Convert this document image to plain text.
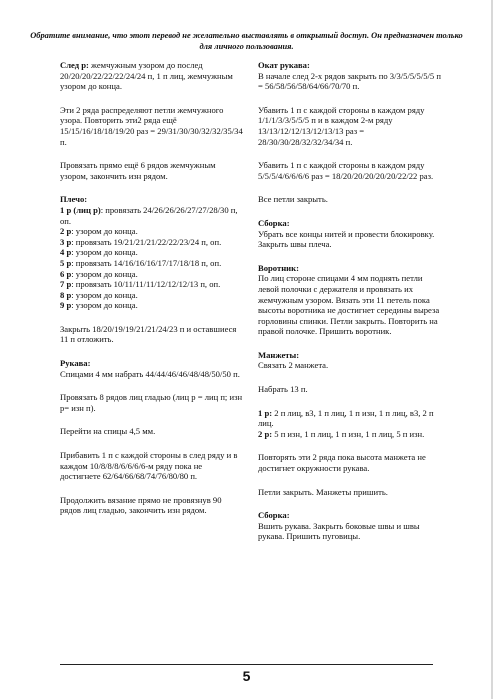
Обратите внимание, что этот перевод не желательно выставлять в открытый доступ. Он предназначен только для личного пользования.
След р: жемчужным узором до послед 20/20/20/22/22/22/24/24 п, 1 п лиц, жемчужным узором до конца.
Эти 2 ряда распределяют петли жемчужного узора. Повторить эти2 ряда ещё 15/15/16/18/18/19/20 раз = 29/31/30/30/32/32/35/34 п.
Провязать прямо ещё 6 рядов жемчужным узором, закончить изн рядом.
Плечо:
1 р (лиц р): провязать 24/26/26/26/27/27/28/30 п, оп.
2 р: узором до конца.
3 р: провязать 19/21/21/21/22/22/23/24 п, оп.
4 р: узором до конца.
5 р: провязать 14/16/16/16/17/17/18/18 п, оп.
6 р: узором до конца.
7 р: провязать 10/11/11/11/12/12/12/13 п, оп.
8 р: узором до конца.
9 р: узором до конца.
Закрыть 18/20/19/19/21/21/24/23 п и оставшиеся 11 п отложить.
Рукава:
Спицами 4 мм набрать 44/44/46/46/48/48/50/50 п.
Провязать 8 рядов лиц гладью (лиц р = лиц п; изн р= изн п).
Перейти на спицы 4,5 мм.
Прибавить 1 п с каждой стороны в след ряду и в каждом 10/8/8/8/6/6/6/6-м ряду пока не достигнете 62/64/66/68/74/76/80/80 п.
Продолжить вязание прямо не провязнув 90 рядов лиц гладью, закончить изн рядом.
Окат рукава:
В начале след 2-х рядов закрыть по 3/3/5/5/5/5/5 п = 56/58/56/58/64/66/70/70 п.
Убавить 1 п с каждой стороны в каждом ряду 1/1/1/3/3/5/5/5 п и в каждом 2-м ряду 13/13/12/12/13/12/13/13 раз = 28/30/30/28/32/32/34/34 п.
Убавить 1 п с каждой стороны в каждом ряду 5/5/5/4/6/6/6/6 раз = 18/20/20/20/20/20/22/22 раз.
Все петли закрыть.
Сборка:
Убрать все концы нитей и провести блокировку. Закрыть швы плеча.
Воротник:
По лиц стороне спицами 4 мм поднять петли левой полочки с держателя и провязать их жемчужным узором. Вязать эти 11 петель пока высоты воротника не достигнет середины выреза горловины спинки. Петли закрыть. Повторить на правой полочке. Пришить воротник.
Манжеты:
Связать 2 манжета.
Набрать 13 п.
1 р: 2 п лиц, в3, 1 п лиц, 1 п изн, 1 п лиц, в3, 2 п лиц.
2 р: 5 п изн, 1 п лиц, 1 п изн, 1 п лиц, 5 п изн.
Повторять эти 2 ряда пока высота манжета не достигнет окружности рукава.
Петли закрыть. Манжеты пришить.
Сборка:
Вшить рукава. Закрыть боковые швы и швы рукава. Пришить пуговицы.
5
